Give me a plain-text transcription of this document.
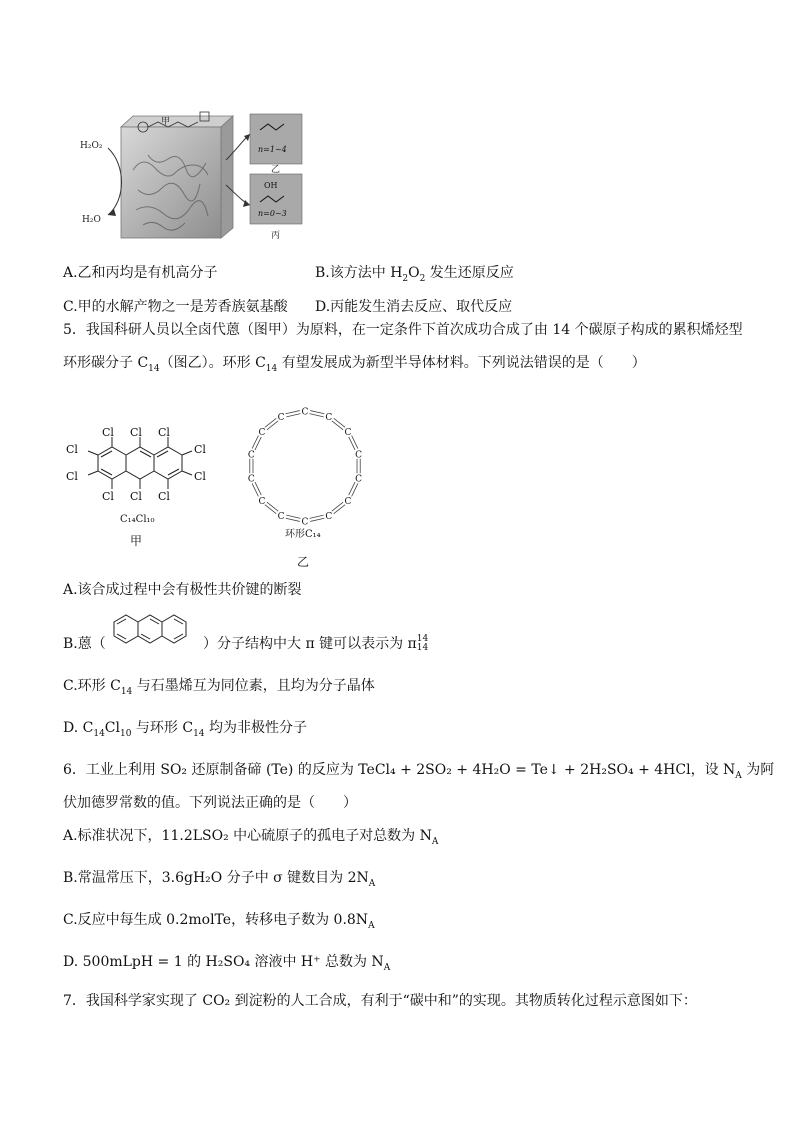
甲
H₂O₂
H₂O
OH
n=1~4
n=0~3
乙
丙
A.乙和丙均是有机高分子	B.该方法中 $H_2O_2$ 发生还原反应
C.甲的水解产物之一是芳香族氨基酸 D.丙能发生消去反应、取代反应
5．我国科研人员以全卤代蒽（图甲）为原料，在一定条件下首次成功合成了由 14 个碳原子构成的累积烯烃型
环形碳分子 $C_{14}$（图乙）。环形 $C_{14}$ 有望发展成为新型半导体材料。下列说法错误的是（　　）
Cl Cl Cl
Cl Cl Cl
Cl
Cl
Cl
Cl
C₁₄Cl₁₀
甲
C
C
C
C
C
C
C
C
C
C
C
C
C
C
环形C₁₄
乙
A.该合成过程中会有极性共价键的断裂
B.蒽（	）分子结构中大 π 键可以表示为 π 14
14
C.环形 $C_{14}$ 与石墨烯互为同位素，且均为分子晶体
D. $C_{14}Cl_{10}$ 与环形 $C_{14}$ 均为非极性分子
6．工业上利用 SO₂ 还原制备碲 (Te) 的反应为 TeCl₄ + 2SO₂ + 4H₂O = Te↓ + 2H₂SO₄ + 4HCl，设 $N_A$ 为阿
伏加德罗常数的值。下列说法正确的是（　　）
A.标准状况下，11.2LSO₂ 中心硫原子的孤电子对总数为 $N_A$
B.常温常压下，3.6gH₂O 分子中 σ 键数目为 $2N_A$
C.反应中每生成 0.2molTe，转移电子数为 $0.8N_A$
D. 500mLpH = 1 的 H₂SO₄ 溶液中 H⁺ 总数为 $N_A$
7．我国科学家实现了 CO₂ 到淀粉的人工合成，有利于“碳中和”的实现。其物质转化过程示意图如下：
